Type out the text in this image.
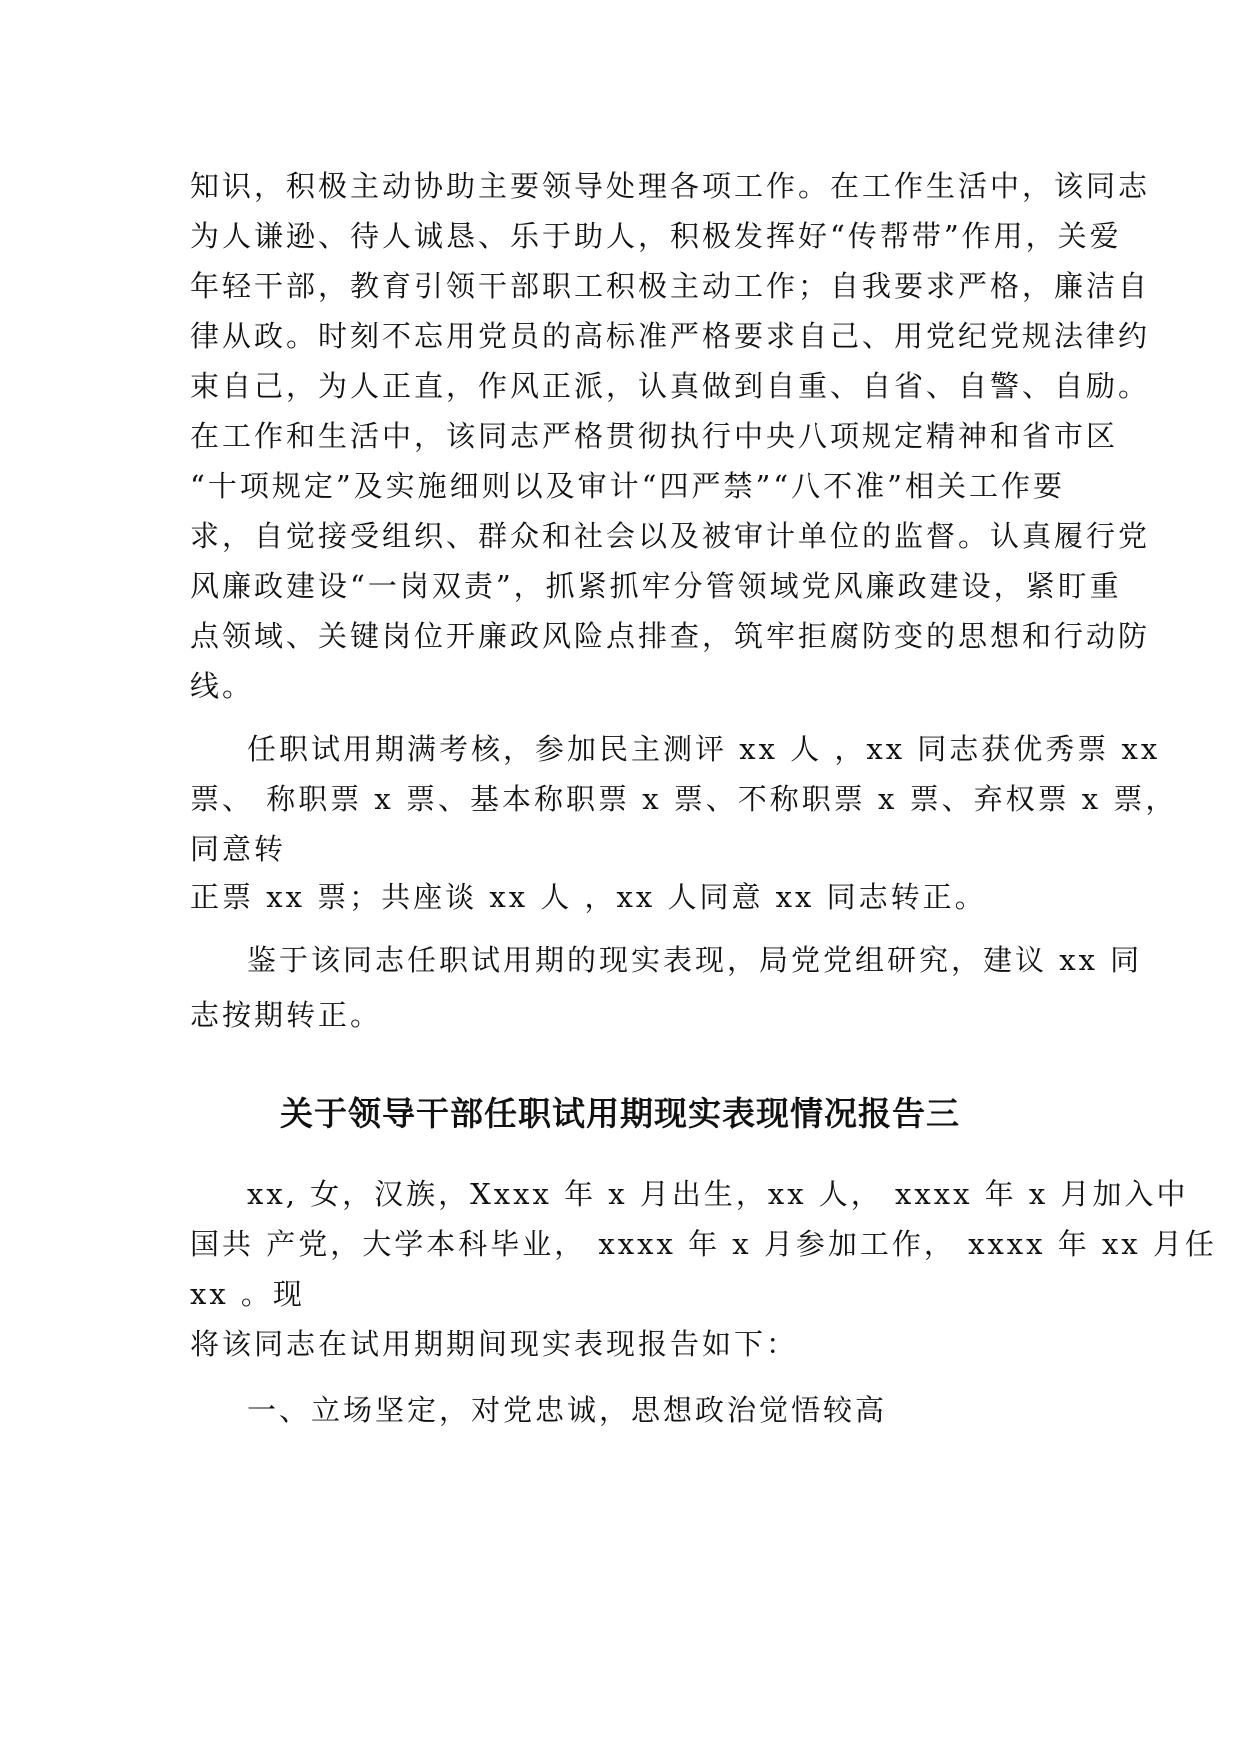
知识，积极主动协助主要领导处理各项工作。在工作生活中，该同志
为人谦逊、待人诚恳、乐于助人，积极发挥好“传帮带”作用，关爱
年轻干部，教育引领干部职工积极主动工作；自我要求严格，廉洁自
律从政。时刻不忘用党员的高标准严格要求自己、用党纪党规法律约
束自己，为人正直，作风正派，认真做到自重、自省、自警、自励。
在工作和生活中，该同志严格贯彻执行中央八项规定精神和省市区
“十项规定”及实施细则以及审计“四严禁”“八不准”相关工作要
求，自觉接受组织、群众和社会以及被审计单位的监督。认真履行党
风廉政建设“一岗双责”，抓紧抓牢分管领域党风廉政建设，紧盯重
点领域、关键岗位开廉政风险点排查，筑牢拒腐防变的思想和行动防
线。
任职试用期满考核，参加民主测评 xx 人 ，xx 同志获优秀票 xx
票、 称职票 x 票、基本称职票 x 票、不称职票 x 票、弃权票 x 票，
同意转
正票 xx 票；共座谈 xx 人 ，xx 人同意 xx 同志转正。
鉴于该同志任职试用期的现实表现，局党党组研究，建议 xx 同
志按期转正。
关于领导干部任职试用期现实表现情况报告三
xx, 女，汉族，Xxxx 年 x 月出生，xx 人， xxxx 年 x 月加入中
国共 产党，大学本科毕业， xxxx 年 x 月参加工作， xxxx 年 xx 月任
xx 。现
将该同志在试用期期间现实表现报告如下：
一、立场坚定，对党忠诚，思想政治觉悟较高
